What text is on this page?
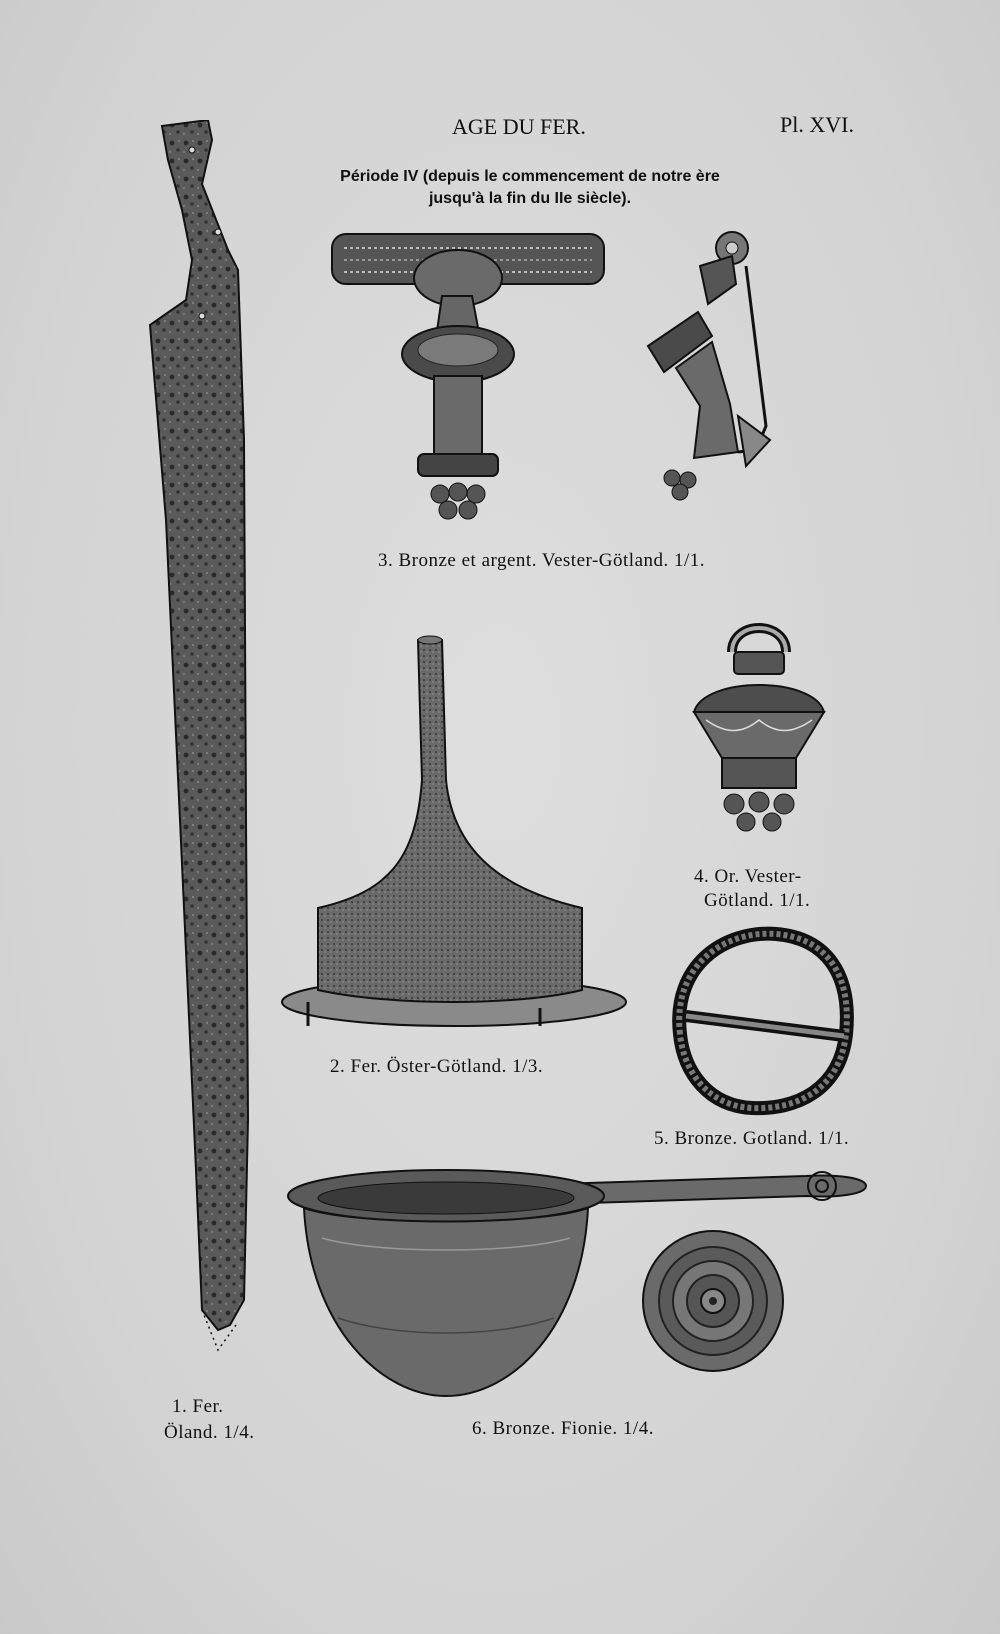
AGE DU FER.	Pl. XVI.
Période IV (depuis le commencement de notre ère
jusqu'à la fin du IIe siècle).
1. Fer.
Öland. 1/4.
3. Bronze et argent. Vester-Götland. 1/1.
2. Fer. Öster-Götland. 1/3.
4. Or. Vester-
Götland. 1/1.
5. Bronze. Gotland. 1/1.
6. Bronze. Fionie. 1/4.
